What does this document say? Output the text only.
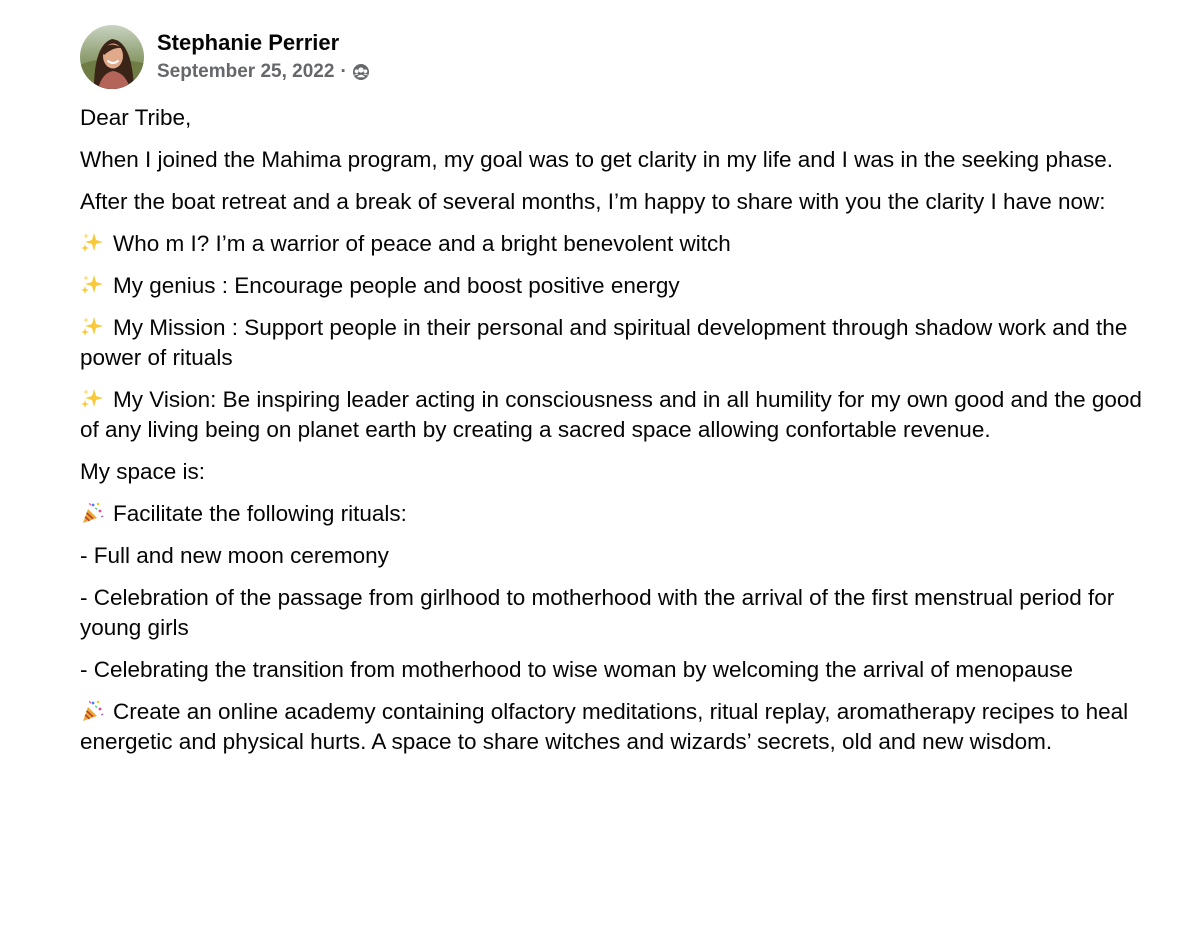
Stephanie Perrier
September 25, 2022 ·

Dear Tribe,

When I joined the Mahima program, my goal was to get clarity in my life and I was in the seeking phase.

After the boat retreat and a break of several months, I’m happy to share with you the clarity I have now:

Who m I? I’m a warrior of peace and a bright benevolent witch

My genius : Encourage people and boost positive energy

My Mission : Support people in their personal and spiritual development through shadow work and the power of rituals

My Vision: Be inspiring leader acting in consciousness and in all humility for my own good and the good of any living being on planet earth by creating a sacred space allowing confortable revenue.

My space is:

Facilitate the following rituals:

- Full and new moon ceremony

- Celebration of the passage from girlhood to motherhood with the arrival of the first menstrual period for young girls

- Celebrating the transition from motherhood to wise woman by welcoming the arrival of menopause

Create an online academy containing olfactory meditations, ritual replay, aromatherapy recipes to heal energetic and physical hurts. A space to share witches and wizards’ secrets, old and new wisdom.
